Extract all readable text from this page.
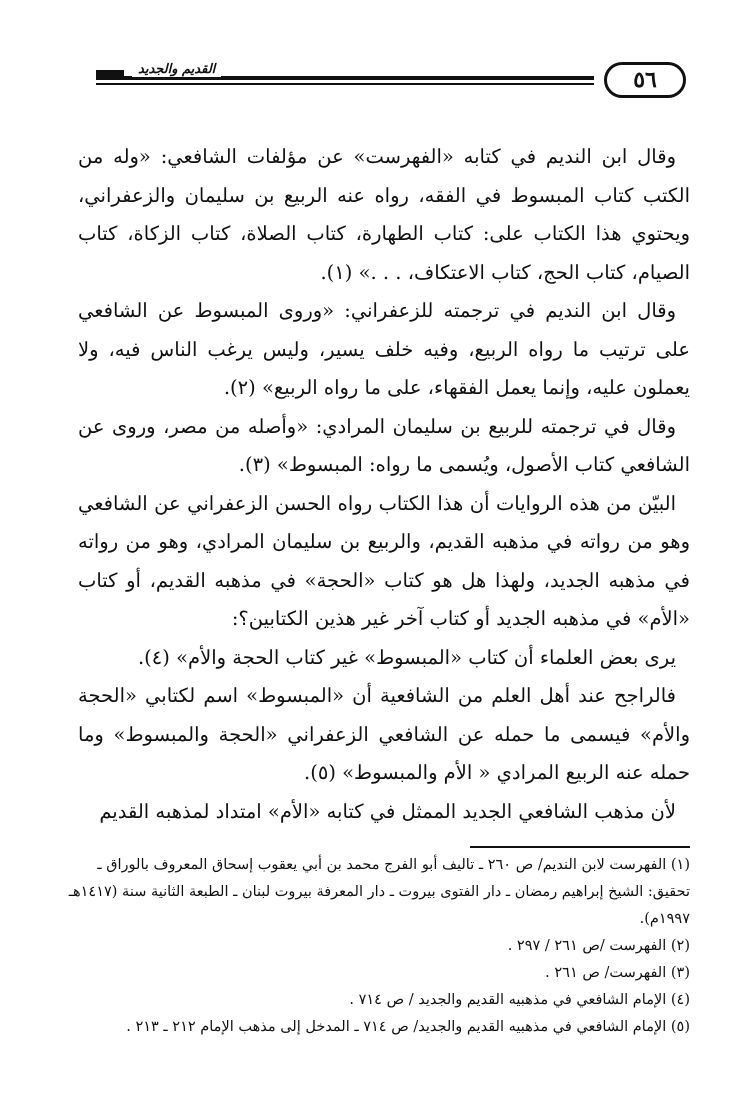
القديم والجديد	٥٦

وقال ابن النديم في كتابه «الفهرست» عن مؤلفات الشافعي: «وله من الكتب كتاب المبسوط في الفقه، رواه عنه الربيع بن سليمان والزعفراني، ويحتوي هذا الكتاب على: كتاب الطهارة، كتاب الصلاة، كتاب الزكاة، كتاب الصيام، كتاب الحج، كتاب الاعتكاف، . . .» (١).

وقال ابن النديم في ترجمته للزعفراني: «وروى المبسوط عن الشافعي على ترتيب ما رواه الربيع، وفيه خلف يسير، وليس يرغب الناس فيه، ولا يعملون عليه، وإنما يعمل الفقهاء، على ما رواه الربيع» (٢).

وقال في ترجمته للربيع بن سليمان المرادي: «وأصله من مصر، وروى عن الشافعي كتاب الأصول، ويُسمى ما رواه: المبسوط» (٣).

البيّن من هذه الروايات أن هذا الكتاب رواه الحسن الزعفراني عن الشافعي وهو من رواته في مذهبه القديم، والربيع بن سليمان المرادي، وهو من رواته في مذهبه الجديد، ولهذا هل هو كتاب «الحجة» في مذهبه القديم، أو كتاب «الأم» في مذهبه الجديد أو كتاب آخر غير هذين الكتابين؟:

يرى بعض العلماء أن كتاب «المبسوط» غير كتاب الحجة والأم» (٤).

فالراجح عند أهل العلم من الشافعية أن «المبسوط» اسم لكتابي «الحجة والأم» فيسمى ما حمله عن الشافعي الزعفراني «الحجة والمبسوط» وما حمله عنه الربيع المرادي « الأم والمبسوط» (٥).

لأن مذهب الشافعي الجديد الممثل في كتابه «الأم» امتداد لمذهبه القديم

(١) الفهرست لابن النديم/ ص ٢٦٠ ـ تاليف أبو الفرج محمد بن أبي يعقوب إسحاق المعروف بالوراق ـ تحقيق: الشيخ إبراهيم رمضان ـ دار الفتوى بيروت ـ دار المعرفة بيروت لبنان ـ الطبعة الثانية سنة (١٤١٧هـ ١٩٩٧م).
(٢) الفهرست /ص ٢٦١ / ٢٩٧ .
(٣) الفهرست/ ص ٢٦١ .
(٤) الإمام الشافعي في مذهبيه القديم والجديد / ص ٧١٤ .
(٥) الإمام الشافعي في مذهبيه القديم والجديد/ ص ٧١٤ ـ المدخل إلى مذهب الإمام ٢١٢ ـ ٢١٣ .
